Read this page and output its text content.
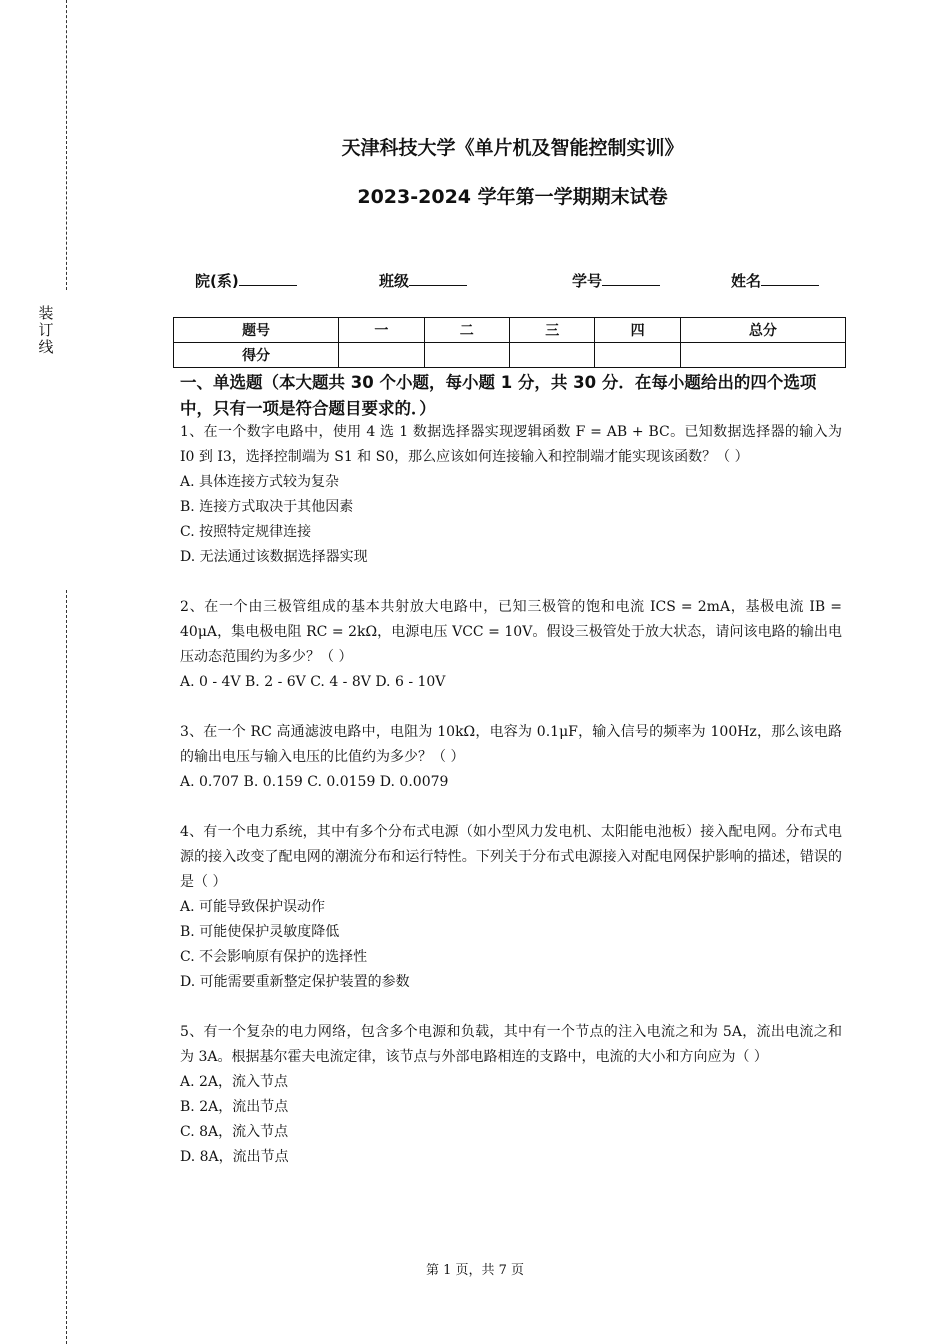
装
订
线
天津科技大学《单片机及智能控制实训》
2023-2024 学年第一学期期末试卷
院(系)	班级	学号	姓名
题号	一	二	三	四	总分
得分					
一、单选题（本大题共 30 个小题，每小题 1 分，共 30 分．在每小题给出的四个选项中，只有一项是符合题目要求的．）

1、在一个数字电路中，使用 4 选 1 数据选择器实现逻辑函数 F = AB + BC。已知数据选择器的输入为 I0 到 I3，选择控制端为 S1 和 S0，那么应该如何连接输入和控制端才能实现该函数？（ ）

A. 具体连接方式较为复杂

B. 连接方式取决于其他因素

C. 按照特定规律连接

D. 无法通过该数据选择器实现

2、在一个由三极管组成的基本共射放大电路中，已知三极管的饱和电流 ICS = 2mA，基极电流 IB = 40μA，集电极电阻 RC = 2kΩ，电源电压 VCC = 10V。假设三极管处于放大状态，请问该电路的输出电压动态范围约为多少？（ ）

A. 0 - 4V B. 2 - 6V C. 4 - 8V D. 6 - 10V

3、在一个 RC 高通滤波电路中，电阻为 10kΩ，电容为 0.1μF，输入信号的频率为 100Hz，那么该电路的输出电压与输入电压的比值约为多少？（ ）

A. 0.707 B. 0.159 C. 0.0159 D. 0.0079

4、有一个电力系统，其中有多个分布式电源（如小型风力发电机、太阳能电池板）接入配电网。分布式电源的接入改变了配电网的潮流分布和运行特性。下列关于分布式电源接入对配电网保护影响的描述，错误的是（ ）

A. 可能导致保护误动作

B. 可能使保护灵敏度降低

C. 不会影响原有保护的选择性

D. 可能需要重新整定保护装置的参数

5、有一个复杂的电力网络，包含多个电源和负载，其中有一个节点的注入电流之和为 5A，流出电流之和为 3A。根据基尔霍夫电流定律，该节点与外部电路相连的支路中，电流的大小和方向应为（ ）

A. 2A，流入节点

B. 2A，流出节点

C. 8A，流入节点

D. 8A，流出节点

第 1 页，共 7 页
